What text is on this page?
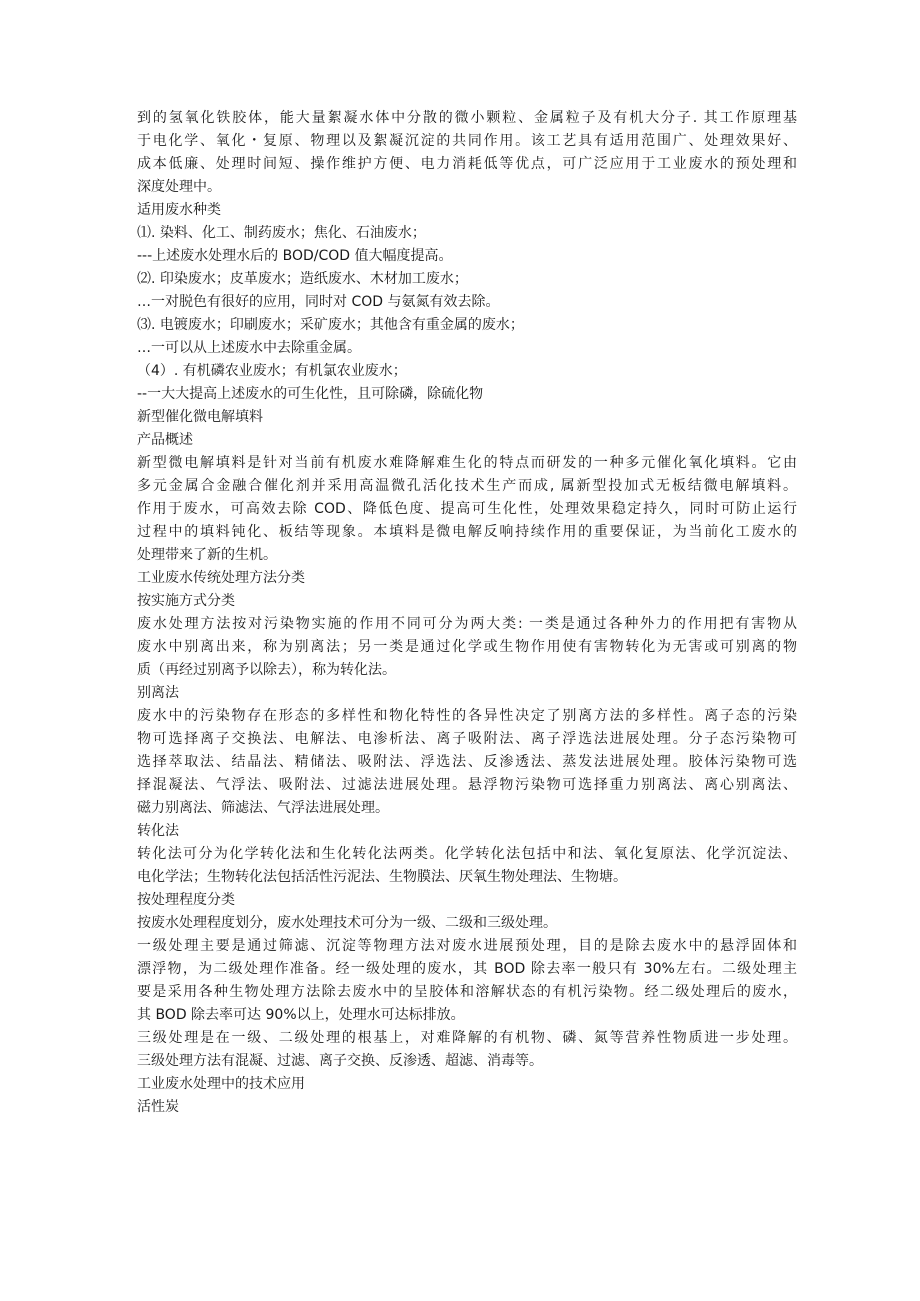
到的氢氧化铁胶体，能大量絮凝水体中分散的微小颗粒、金属粒子及有机大分子. 其工作原理基
于电化学、氧化・复原、物理以及絮凝沉淀的共同作用。该工艺具有适用范围广、处理效果好、
成本低廉、处理时间短、操作维护方便、电力消耗低等优点，可广泛应用于工业废水的预处理和
深度处理中。
适用废水种类
⑴. 染料、化工、制药废水；焦化、石油废水；
---上述废水处理水后的 BOD/COD 值大幅度提高。
⑵. 印染废水；皮革废水；造纸废水、木材加工废水；
…一对脱色有很好的应用，同时对 COD 与氨氮有效去除。
⑶. 电镀废水；印刷废水；采矿废水；其他含有重金属的废水；
…一可以从上述废水中去除重金属。
（4）. 有机磷农业废水；有机氯农业废水；
--一大大提高上述废水的可生化性，且可除磷，除硫化物
新型催化微电解填料
产品概述
新型微电解填料是针对当前有机废水难降解难生化的特点而研发的一种多元催化氧化填料。它由
多元金属合金融合催化剂并采用高温微孔活化技术生产而成, 属新型投加式无板结微电解填料。
作用于废水，可高效去除 COD、降低色度、提高可生化性，处理效果稳定持久，同时可防止运行
过程中的填料钝化、板结等现象。本填料是微电解反响持续作用的重要保证，为当前化工废水的
处理带来了新的生机。
工业废水传统处理方法分类
按实施方式分类
废水处理方法按对污染物实施的作用不同可分为两大类: 一类是通过各种外力的作用把有害物从
废水中别离出来，称为别离法；另一类是通过化学或生物作用使有害物转化为无害或可别离的物
质（再经过别离予以除去），称为转化法。
别离法
废水中的污染物存在形态的多样性和物化特性的各异性决定了别离方法的多样性。离子态的污染
物可选择离子交换法、电解法、电渗析法、离子吸附法、离子浮选法进展处理。分子态污染物可
选择萃取法、结晶法、精储法、吸附法、浮选法、反渗透法、蒸发法进展处理。胶体污染物可选
择混凝法、气浮法、吸附法、过滤法进展处理。悬浮物污染物可选择重力别离法、离心别离法、
磁力别离法、筛滤法、气浮法进展处理。
转化法
转化法可分为化学转化法和生化转化法两类。化学转化法包括中和法、氧化复原法、化学沉淀法、
电化学法；生物转化法包括活性污泥法、生物膜法、厌氧生物处理法、生物塘。
按处理程度分类
按废水处理程度划分，废水处理技术可分为一级、二级和三级处理。
一级处理主要是通过筛滤、沉淀等物理方法对废水进展预处理，目的是除去废水中的悬浮固体和
漂浮物，为二级处理作准备。经一级处理的废水，其 BOD 除去率一般只有 30%左右。二级处理主
要是采用各种生物处理方法除去废水中的呈胶体和溶解状态的有机污染物。经二级处理后的废水，
其 BOD 除去率可达 90%以上，处理水可达标排放。
三级处理是在一级、二级处理的根基上，对难降解的有机物、磷、氮等营养性物质进一步处理。
三级处理方法有混凝、过滤、离子交换、反渗透、超滤、消毒等。
工业废水处理中的技术应用
活性炭
